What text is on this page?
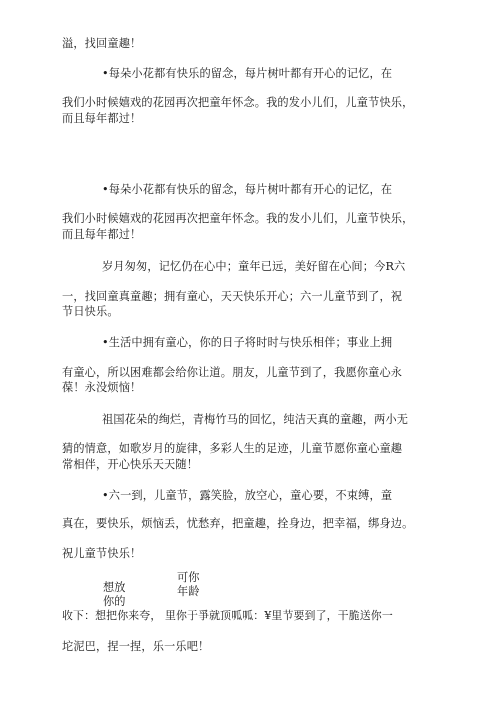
溢，找回童趣！
•每朵小花都有快乐的留念，每片树叶都有开心的记忆，在
我们小时候嬉戏的花园再次把童年怀念。我的发小儿们，儿童节快乐，
而且每年都过！
•每朵小花都有快乐的留念，每片树叶都有开心的记忆，在
我们小时候嬉戏的花园再次把童年怀念。我的发小儿们，儿童节快乐，
而且每年都过！
岁月匆匆，记忆仍在心中；童年已远，美好留在心间；今R六
一，找回童真童趣；拥有童心，天天快乐开心；六一儿童节到了，祝
节日快乐。
•生活中拥有童心，你的日子将时时与快乐相伴；事业上拥
有童心，所以困难都会给你让道。朋友，儿童节到了，我愿你童心永
葆！永没烦恼！
祖国花朵的绚烂，青梅竹马的回忆，纯洁天真的童趣，两小无
猜的情意，如歌岁月的旋律，多彩人生的足迹，儿童节愿你童心童趣
常相伴，开心快乐天天随！
•六一到，儿童节，露笑脸，放空心，童心要，不束缚，童
真在，要快乐，烦恼丢，忧愁弃，把童趣，拴身边，把幸福，绑身边。
祝儿童节快乐！
可你
想放	年龄
你的
收下：想把你来夸， 里你于爭就顶呱呱：¥里节要到了，干脆送你一
坨泥巴，捏一捏，乐一乐吧！
